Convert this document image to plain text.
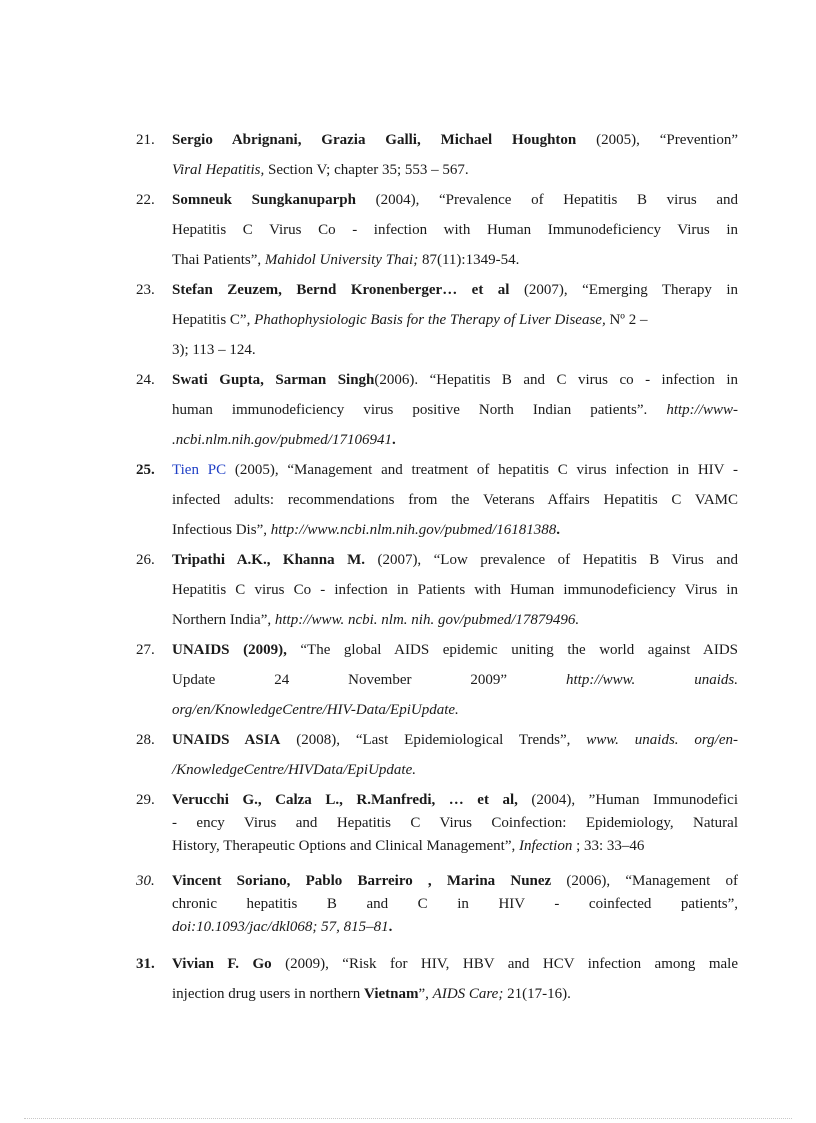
21. Sergio Abrignani, Grazia Galli, Michael Houghton (2005), “Prevention”
Viral Hepatitis, Section V; chapter 35; 553 – 567.
22. Somneuk Sungkanuparph (2004), “Prevalence of Hepatitis B virus and
Hepatitis C Virus Co - infection with Human Immunodeficiency Virus in
Thai Patients”, Mahidol University Thai; 87(11):1349-54.
23. Stefan Zeuzem, Bernd Kronenberger… et al (2007), “Emerging Therapy in
Hepatitis C”, Phathophysiologic Basis for the Therapy of Liver Disease, Nº 2 –
3); 113 – 124.
24. Swati Gupta, Sarman Singh(2006). “Hepatitis B and C virus co - infection in
human immunodeficiency virus positive North Indian patients”. http://www-
.ncbi.nlm.nih.gov/pubmed/17106941.
25. Tien PC (2005), “Management and treatment of hepatitis C virus infection in HIV -
infected adults: recommendations from the Veterans Affairs Hepatitis C VAMC
Infectious Dis”, http://www.ncbi.nlm.nih.gov/pubmed/16181388.
26. Tripathi A.K., Khanna M. (2007), “Low prevalence of Hepatitis B Virus and
Hepatitis C virus Co - infection in Patients with Human immunodeficiency Virus in
Northern India”, http://www. ncbi. nlm. nih. gov/pubmed/17879496.
27. UNAIDS (2009), “The global AIDS epidemic uniting the world against AIDS
Update 24 November 2009” http://www. unaids.
org/en/KnowledgeCentre/HIV-Data/EpiUpdate.
28. UNAIDS ASIA (2008), “Last Epidemiological Trends”, www. unaids. org/en-
/KnowledgeCentre/HIVData/EpiUpdate.
29. Verucchi G., Calza L., R.Manfredi, … et al, (2004), ”Human Immunodefici
- ency Virus and Hepatitis C Virus Coinfection: Epidemiology, Natural
History, Therapeutic Options and Clinical Management”, Infection ; 33: 33–46
30. Vincent Soriano, Pablo Barreiro , Marina Nunez (2006), “Management of
chronic hepatitis B and C in HIV - coinfected patients”,
doi:10.1093/jac/dkl068; 57, 815–81.
31. Vivian F. Go (2009), “Risk for HIV, HBV and HCV infection among male
injection drug users in northern Vietnam”, AIDS Care; 21(17-16).
